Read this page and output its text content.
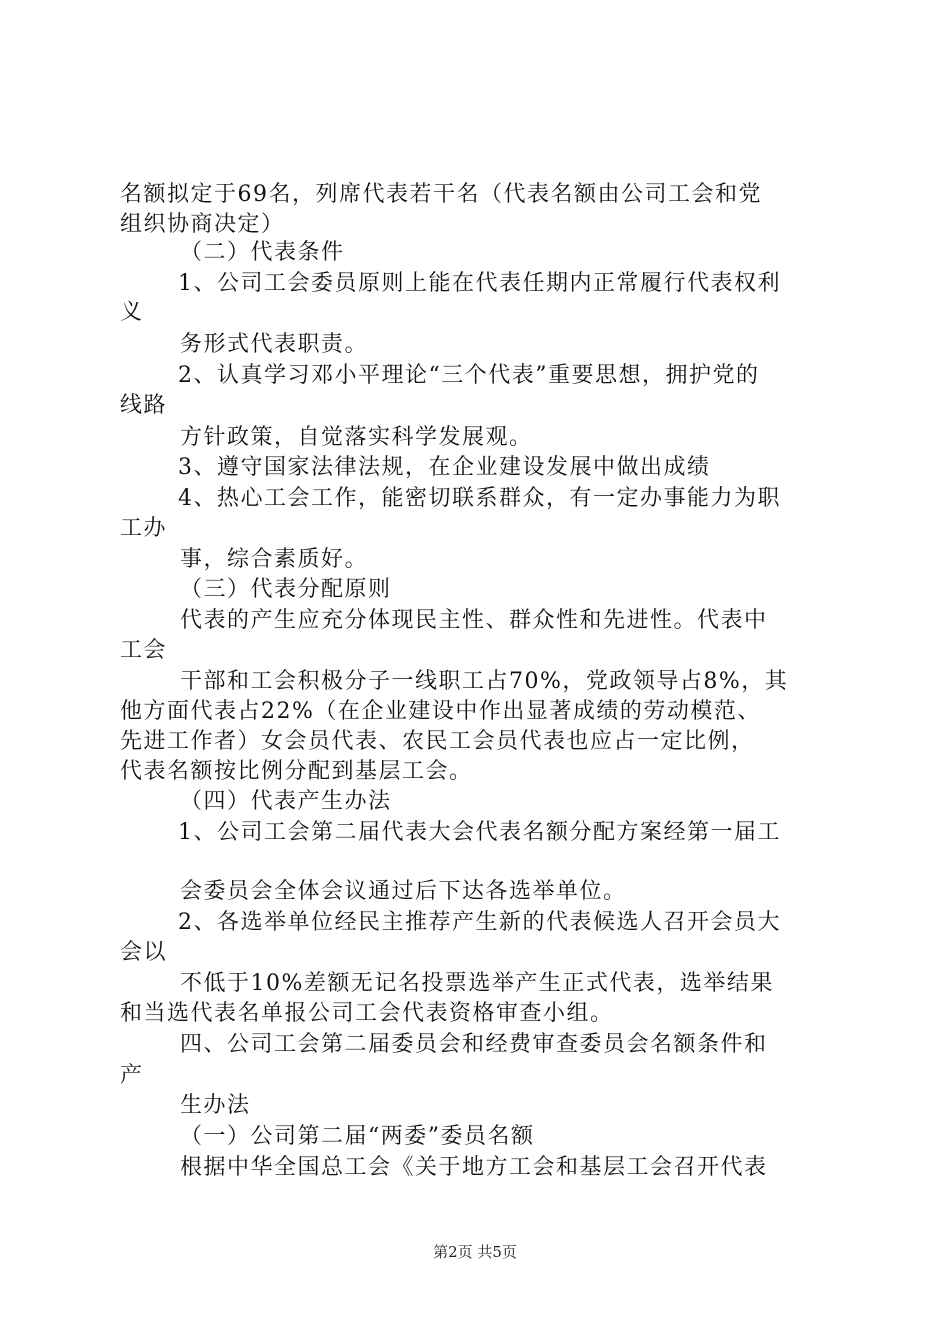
名额拟定于69名，列席代表若干名（代表名额由公司工会和党
组织协商决定）
（二）代表条件
1、公司工会委员原则上能在代表任期内正常履行代表权利
义
务形式代表职责。
2、认真学习邓小平理论“三个代表”重要思想，拥护党的
线路
方针政策，自觉落实科学发展观。
3、遵守国家法律法规，在企业建设发展中做出成绩
4、热心工会工作，能密切联系群众，有一定办事能力为职
工办
事，综合素质好。
（三）代表分配原则
代表的产生应充分体现民主性、群众性和先进性。代表中
工会
干部和工会积极分子一线职工占70%，党政领导占8%，其
他方面代表占22%（在企业建设中作出显著成绩的劳动模范、
先进工作者）女会员代表、农民工会员代表也应占一定比例，
代表名额按比例分配到基层工会。
（四）代表产生办法
1、公司工会第二届代表大会代表名额分配方案经第一届工
会委员会全体会议通过后下达各选举单位。
2、各选举单位经民主推荐产生新的代表候选人召开会员大
会以
不低于10%差额无记名投票选举产生正式代表，选举结果
和当选代表名单报公司工会代表资格审查小组。
四、公司工会第二届委员会和经费审查委员会名额条件和
产
生办法
（一）公司第二届“两委”委员名额
根据中华全国总工会《关于地方工会和基层工会召开代表
第2页 共5页
